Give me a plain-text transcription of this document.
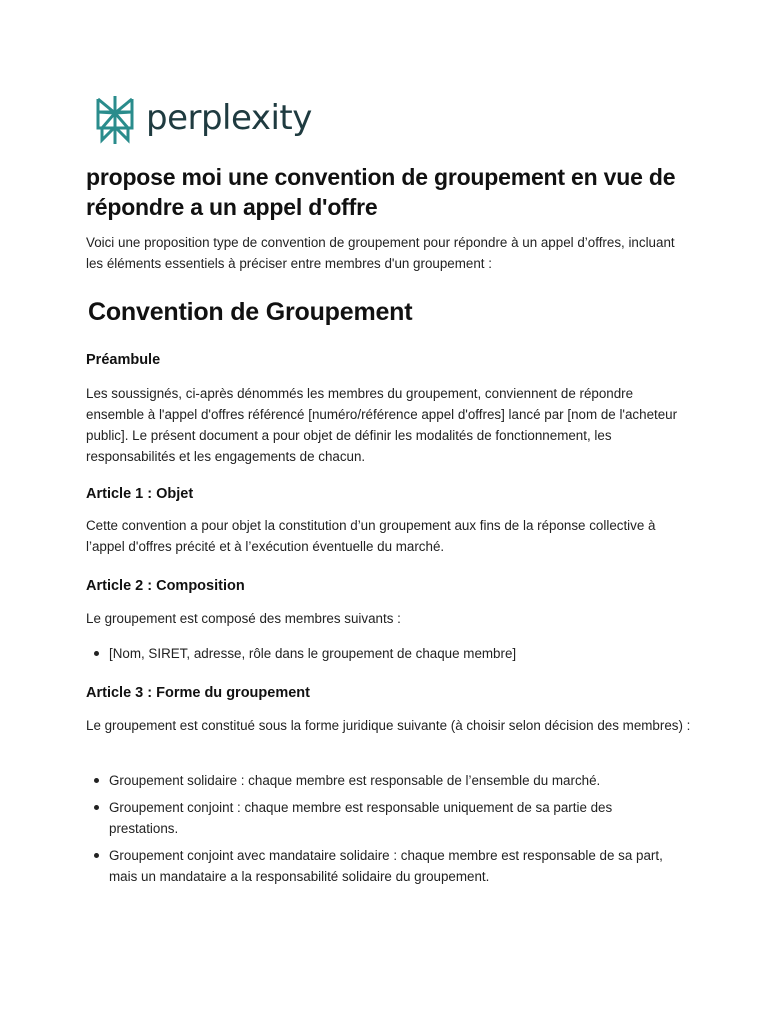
perplexity
propose moi une convention de groupement en vue de répondre a un appel d'offre

Voici une proposition type de convention de groupement pour répondre à un appel d’offres, incluant les éléments essentiels à préciser entre membres d'un groupement :

Convention de Groupement
Préambule

Les soussignés, ci-après dénommés les membres du groupement, conviennent de répondre ensemble à l'appel d'offres référencé [numéro/référence appel d'offres] lancé par [nom de l'acheteur public]. Le présent document a pour objet de définir les modalités de fonctionnement, les responsabilités et les engagements de chacun.

Article 1 : Objet

Cette convention a pour objet la constitution d’un groupement aux fins de la réponse collective à l’appel d'offres précité et à l’exécution éventuelle du marché.

Article 2 : Composition

Le groupement est composé des membres suivants :

[Nom, SIRET, adresse, rôle dans le groupement de chaque membre]
Article 3 : Forme du groupement

Le groupement est constitué sous la forme juridique suivante (à choisir selon décision des membres) :

Groupement solidaire : chaque membre est responsable de l’ensemble du marché.
Groupement conjoint : chaque membre est responsable uniquement de sa partie des prestations.
Groupement conjoint avec mandataire solidaire : chaque membre est responsable de sa part, mais un mandataire a la responsabilité solidaire du groupement.
